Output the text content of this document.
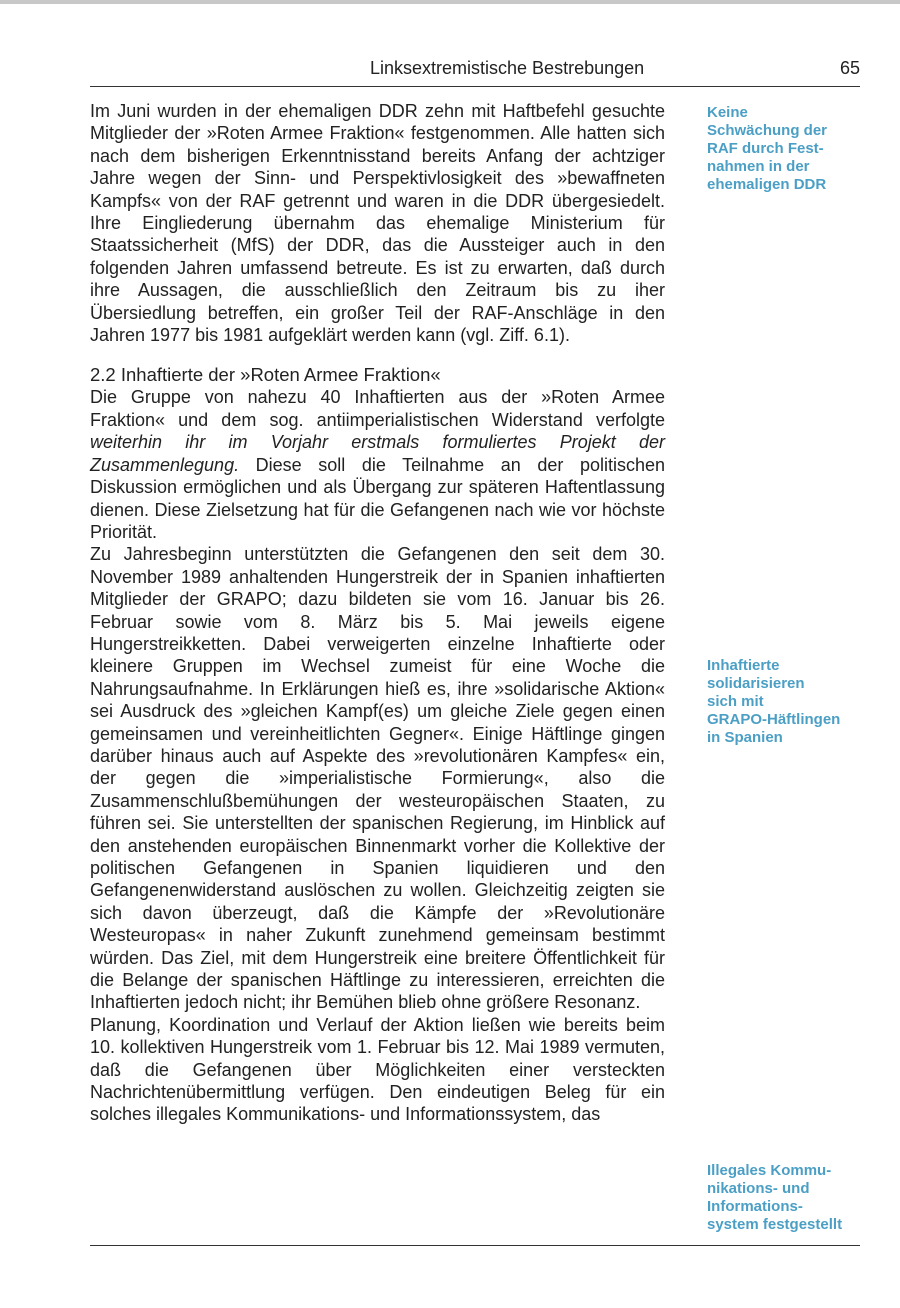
Linksextremistische Bestrebungen	65

Im Juni wurden in der ehemaligen DDR zehn mit Haftbefehl gesuchte Mitglieder der »Roten Armee Fraktion« festgenommen. Alle hatten sich nach dem bisherigen Erkenntnisstand bereits Anfang der achtziger Jahre wegen der Sinn- und Perspektivlosigkeit des »bewaffneten Kampfs« von der RAF getrennt und waren in die DDR übergesiedelt. Ihre Eingliederung übernahm das ehemalige Ministerium für Staatssicherheit (MfS) der DDR, das die Aussteiger auch in den folgenden Jahren umfassend betreute. Es ist zu erwarten, daß durch ihre Aussagen, die ausschließlich den Zeitraum bis zu iher Übersiedlung betreffen, ein großer Teil der RAF-Anschläge in den Jahren 1977 bis 1981 aufgeklärt werden kann (vgl. Ziff. 6.1).

2.2 Inhaftierte der »Roten Armee Fraktion«

Die Gruppe von nahezu 40 Inhaftierten aus der »Roten Armee Fraktion« und dem sog. antiimperialistischen Widerstand verfolgte weiterhin ihr im Vorjahr erstmals formuliertes Projekt der Zusammenlegung. Diese soll die Teilnahme an der politischen Diskussion ermöglichen und als Übergang zur späteren Haftentlassung dienen. Diese Zielsetzung hat für die Gefangenen nach wie vor höchste Priorität.

Zu Jahresbeginn unterstützten die Gefangenen den seit dem 30. November 1989 anhaltenden Hungerstreik der in Spanien inhaftierten Mitglieder der GRAPO; dazu bildeten sie vom 16. Januar bis 26. Februar sowie vom 8. März bis 5. Mai jeweils eigene Hungerstreikketten. Dabei verweigerten einzelne Inhaftierte oder kleinere Gruppen im Wechsel zumeist für eine Woche die Nahrungsaufnahme. In Erklärungen hieß es, ihre »solidarische Aktion« sei Ausdruck des »gleichen Kampf(es) um gleiche Ziele gegen einen gemeinsamen und vereinheitlichten Gegner«. Einige Häftlinge gingen darüber hinaus auch auf Aspekte des »revolutionären Kampfes« ein, der gegen die »imperialistische Formierung«, also die Zusammenschlußbemühungen der westeuropäischen Staaten, zu führen sei. Sie unterstellten der spanischen Regierung, im Hinblick auf den anstehenden europäischen Binnenmarkt vorher die Kollektive der politischen Gefangenen in Spanien liquidieren und den Gefangenenwiderstand auslöschen zu wollen. Gleichzeitig zeigten sie sich davon überzeugt, daß die Kämpfe der »Revolutionäre Westeuropas« in naher Zukunft zunehmend gemeinsam bestimmt würden. Das Ziel, mit dem Hungerstreik eine breitere Öffentlichkeit für die Belange der spanischen Häftlinge zu interessieren, erreichten die Inhaftierten jedoch nicht; ihr Bemühen blieb ohne größere Resonanz.

Planung, Koordination und Verlauf der Aktion ließen wie bereits beim 10. kollektiven Hungerstreik vom 1. Februar bis 12. Mai 1989 vermuten, daß die Gefangenen über Möglichkeiten einer versteckten Nachrichtenübermittlung verfügen. Den eindeutigen Beleg für ein solches illegales Kommunikations- und Informationssystem, das

Keine
Schwächung der
RAF durch Fest-
nahmen in der
ehemaligen DDR
Inhaftierte
solidarisieren
sich mit
GRAPO-Häftlingen
in Spanien
Illegales Kommu-
nikations- und
Informations-
system festgestellt
